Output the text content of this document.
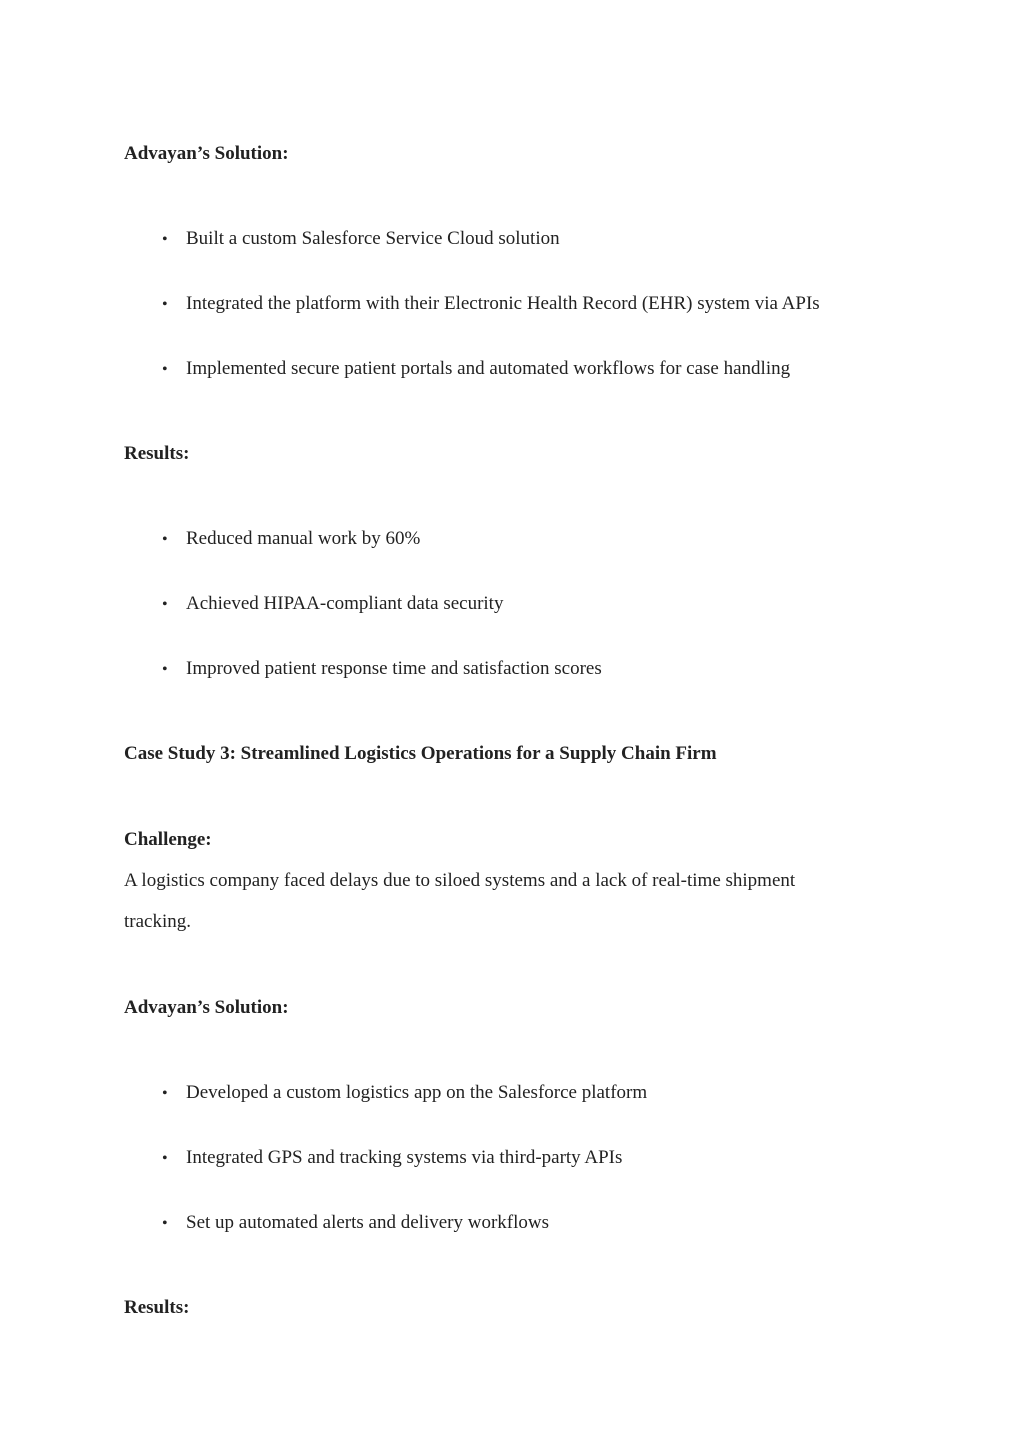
Advayan’s Solution:
• Built a custom Salesforce Service Cloud solution
• Integrated the platform with their Electronic Health Record (EHR) system via APIs
• Implemented secure patient portals and automated workflows for case handling
Results:
• Reduced manual work by 60%
• Achieved HIPAA-compliant data security
• Improved patient response time and satisfaction scores
Case Study 3: Streamlined Logistics Operations for a Supply Chain Firm
Challenge:
A logistics company faced delays due to siloed systems and a lack of real-time shipment
tracking.
Advayan’s Solution:
• Developed a custom logistics app on the Salesforce platform
• Integrated GPS and tracking systems via third-party APIs
• Set up automated alerts and delivery workflows
Results:
